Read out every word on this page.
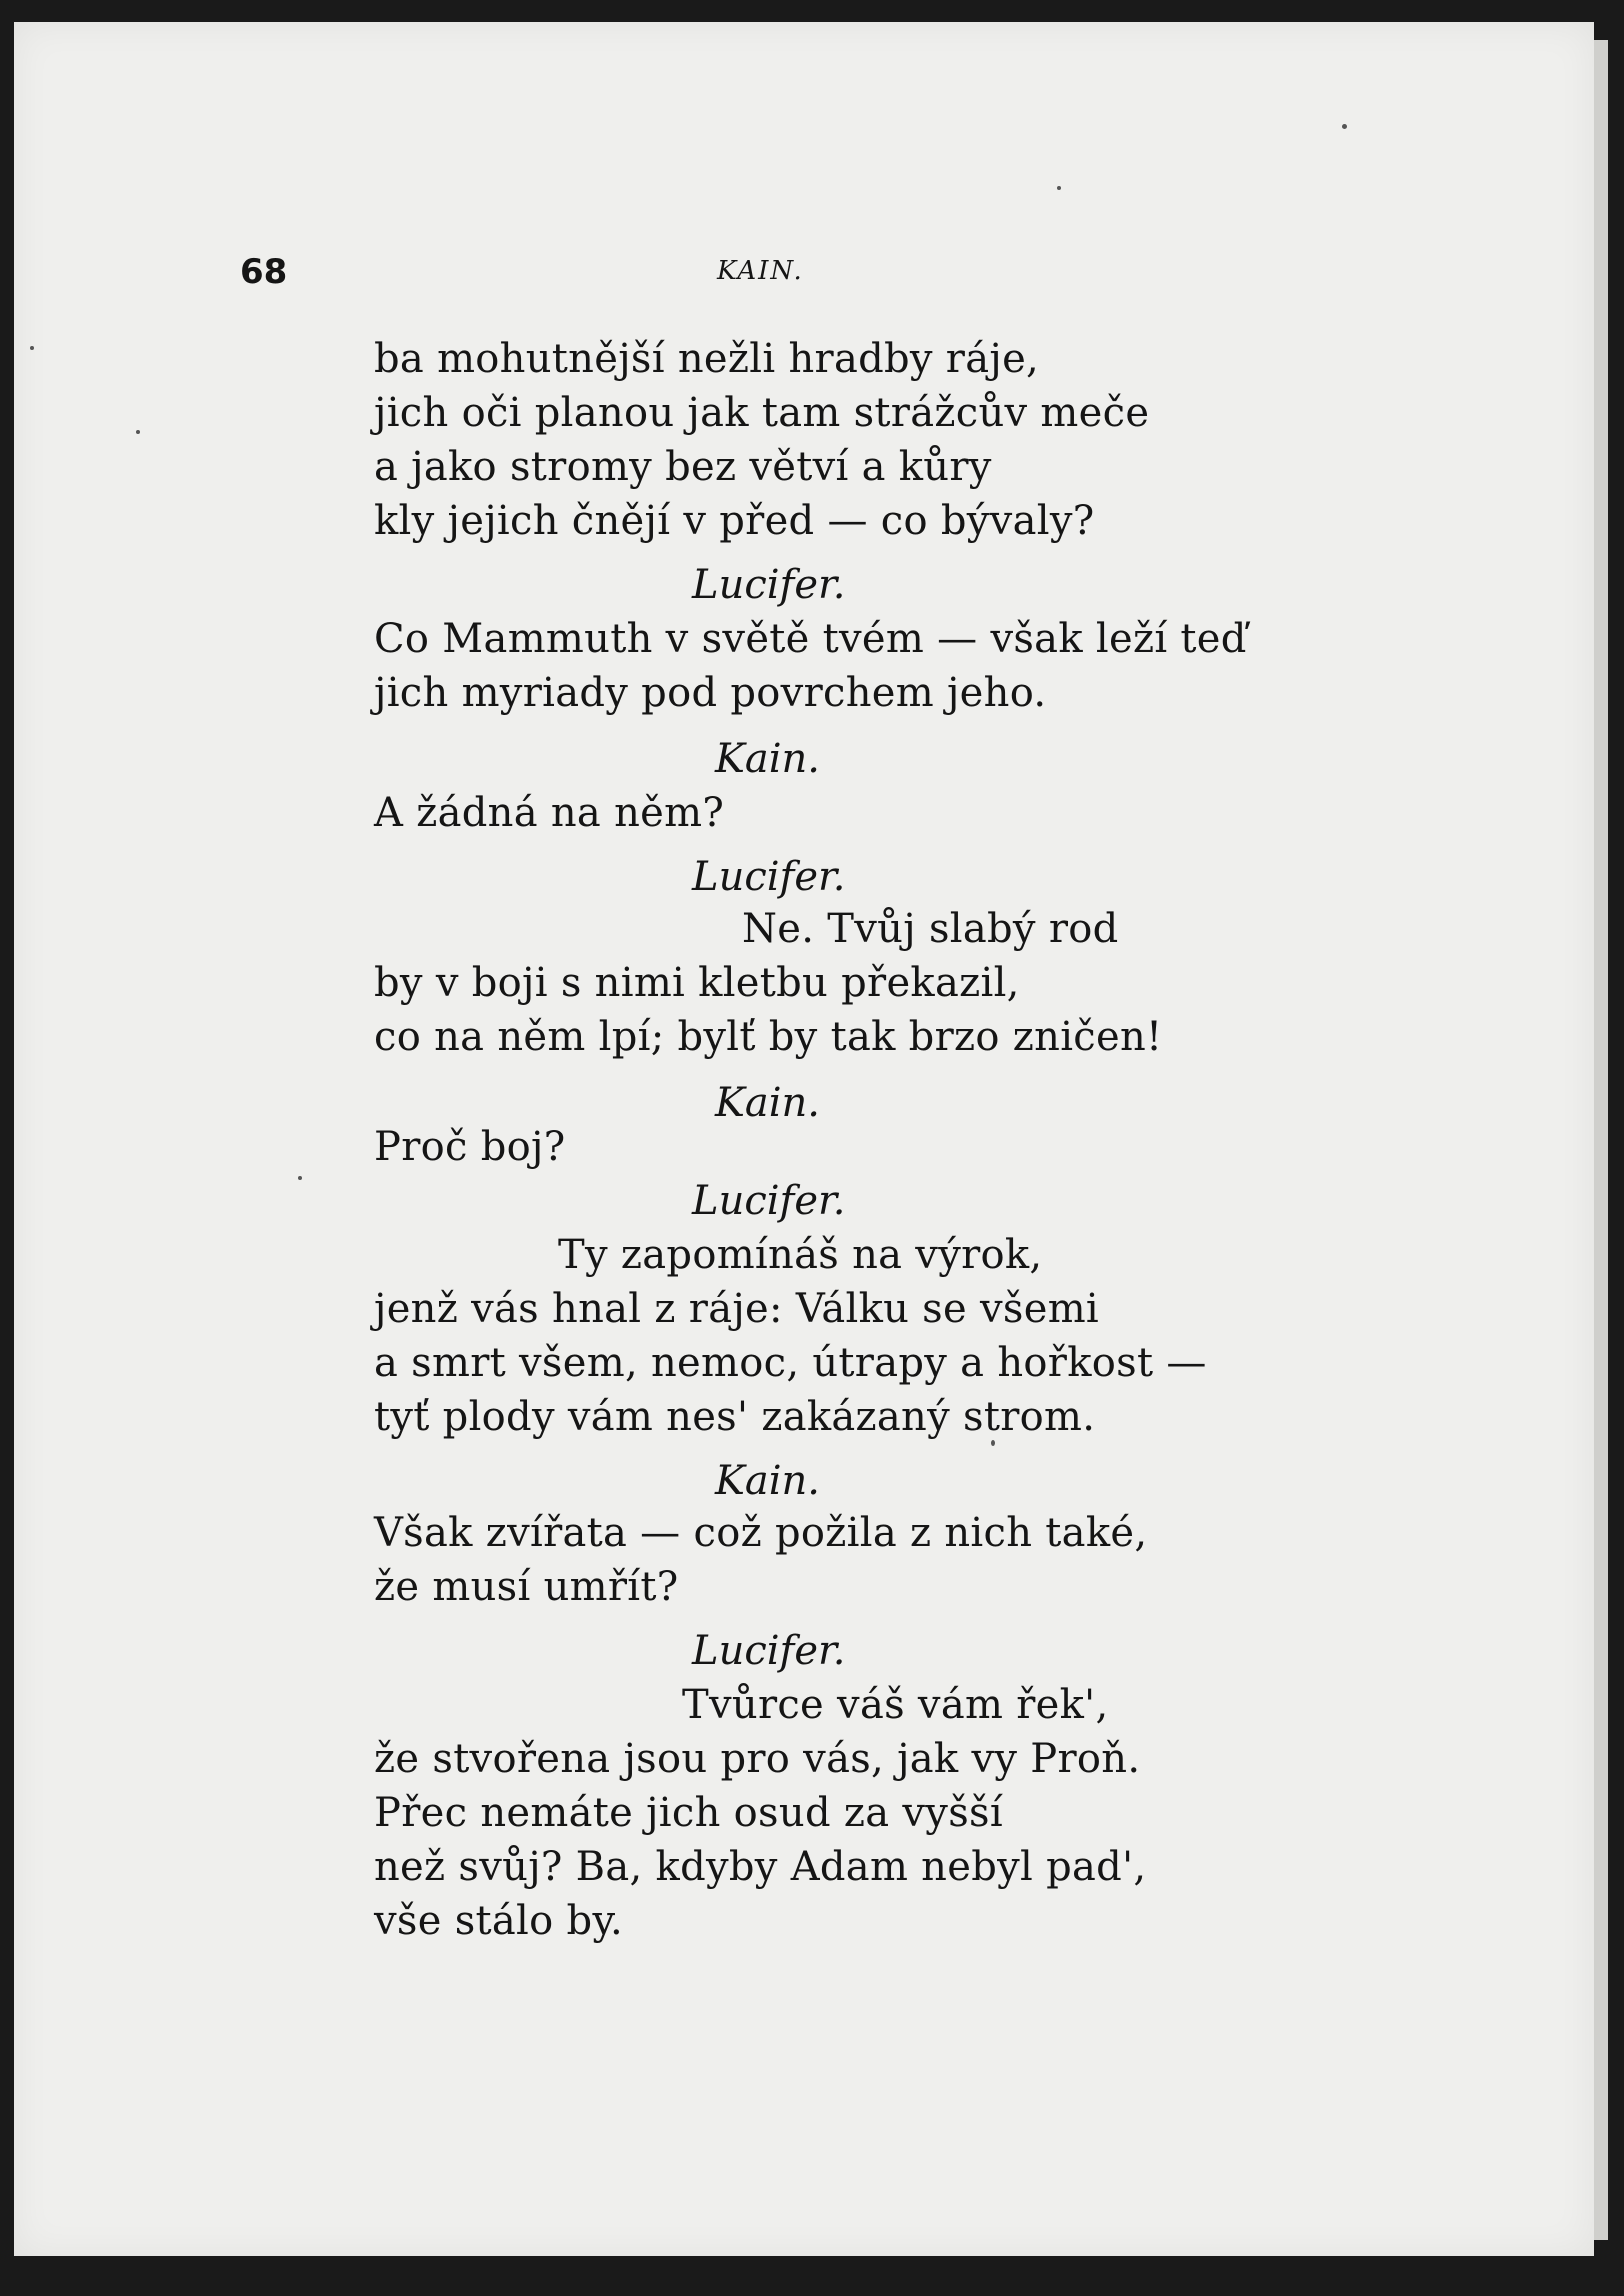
68	KAIN.

ba mohutnější nežli hradby ráje,

jich oči planou jak tam strážcův meče

a jako stromy bez větví a kůry

kly jejich čnějí v před — co bývaly?

Lucifer.

Co Mammuth v světě tvém — však leží teď

jich myriady pod povrchem jeho.

Kain.

A žádná na něm?

Lucifer.

Ne. Tvůj slabý rod

by v boji s nimi kletbu překazil,

co na něm lpí; bylť by tak brzo zničen!

Kain.

Proč boj?

Lucifer.

Ty zapomínáš na výrok,

jenž vás hnal z ráje: Válku se všemi

a smrt všem, nemoc, útrapy a hořkost —

tyť plody vám nes' zakázaný strom.

Kain.

Však zvířata — což požila z nich také,

že musí umřít?

Lucifer.

Tvůrce váš vám řek',

že stvořena jsou pro vás, jak vy Proň.

Přec nemáte jich osud za vyšší

než svůj? Ba, kdyby Adam nebyl pad',

vše stálo by.
